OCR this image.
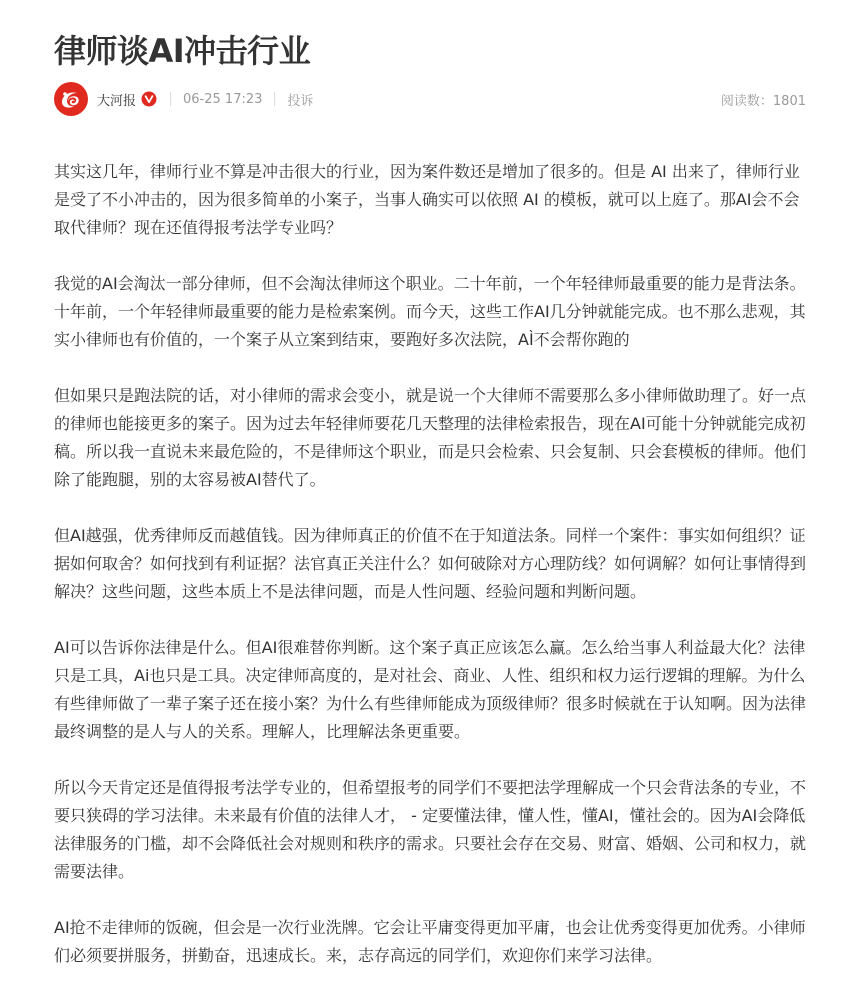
律师谈AI冲击行业
大河报	06-25 17:23 投诉	阅读数：1801

其实这几年，律师行业不算是冲击很大的行业，因为案件数还是增加了很多的。但是 AI 出来了，律师行业是受了不小冲击的，因为很多简单的小案子，当事人确实可以依照 AI 的模板，就可以上庭了。那AI会不会取代律师？现在还值得报考法学专业吗？

我觉的AI会淘汰一部分律师，但不会淘汰律师这个职业。二十年前，一个年轻律师最重要的能力是背法条。十年前，一个年轻律师最重要的能力是检索案例。而今天，这些工作AI几分钟就能完成。也不那么悲观，其实小律师也有价值的，一个案子从立案到结束，要跑好多次法院，AÌ不会帮你跑的

但如果只是跑法院的话，对小律师的需求会变小，就是说一个大律师不需要那么多小律师做助理了。好一点的律师也能接更多的案子。因为过去年轻律师要花几天整理的法律检索报告，现在AI可能十分钟就能完成初稿。所以我一直说未来最危险的，不是律师这个职业，而是只会检索、只会复制、只会套模板的律师。他们除了能跑腿，别的太容易被AI替代了。

但AI越强，优秀律师反而越值钱。因为律师真正的价值不在于知道法条。同样一个案件：事实如何组织？证据如何取舍？如何找到有利证据？法官真正关注什么？如何破除对方心理防线？如何调解？如何让事情得到解决？这些问题，这些本质上不是法律问题，而是人性问题、经验问题和判断问题。

AI可以告诉你法律是什么。但AI很难替你判断。这个案子真正应该怎么赢。怎么给当事人利益最大化？法律只是工具，Ai也只是工具。决定律师高度的，是对社会、商业、人性、组织和权力运行逻辑的理解。为什么有些律师做了一辈子案子还在接小案？为什么有些律师能成为顶级律师？很多时候就在于认知啊。因为法律最终调整的是人与人的关系。理解人，比理解法条更重要。

所以今天肯定还是值得报考法学专业的，但希望报考的同学们不要把法学理解成一个只会背法条的专业，不要只狭碍的学习法律。未来最有价值的法律人才， - 定要懂法律，懂人性，懂AI，懂社会的。因为AI会降低法律服务的门槛，却不会降低社会对规则和秩序的需求。只要社会存在交易、财富、婚姻、公司和权力，就需要法律。

AI抢不走律师的饭碗，但会是一次行业洗牌。它会让平庸变得更加平庸，也会让优秀变得更加优秀。小律师们必须要拼服务，拼勤奋，迅速成长。来，志存高远的同学们，欢迎你们来学习法律。
